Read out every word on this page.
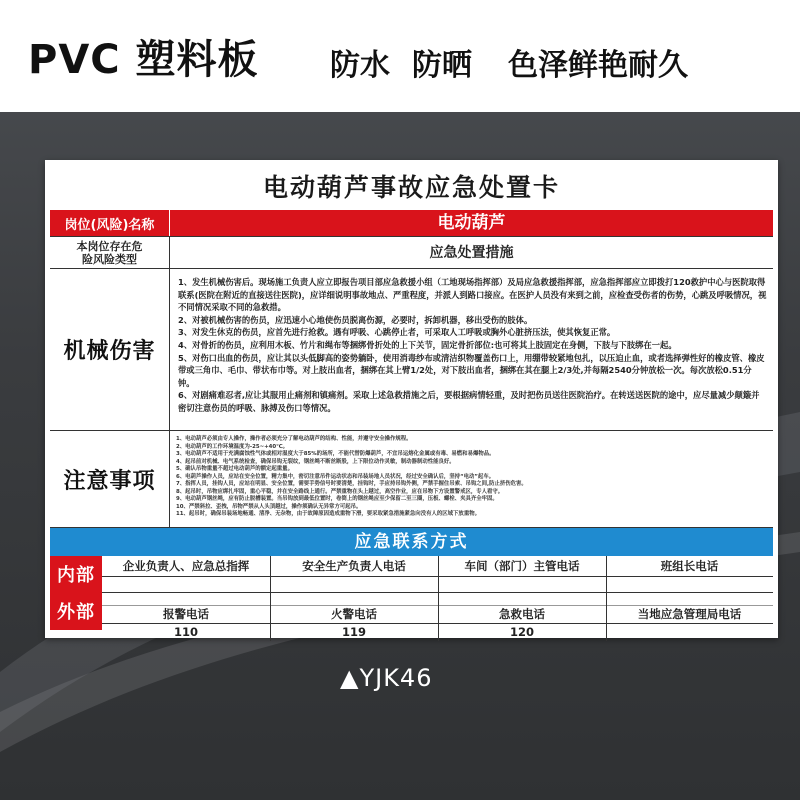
PVC 塑料板 防水 防晒 色泽鲜艳耐久
电动葫芦事故应急处置卡
岗位(风险)名称	电动葫芦
本岗位存在危险风险类型	应急处置措施
机械伤害

1、发生机械伤害后。现场施工负责人应立即报告项目部应急救援小组（工地现场指挥部）及局应急救援指挥部，应急指挥部应立即拨打120救护中心与医院取得联系(医院在附近的直接送往医院)，应详细说明事故地点、严重程度，并派人到路口接应。在医护人员没有来到之前，应检查受伤者的伤势，心跳及呼吸情况，视不同情况采取不同的急救措。

2、对被机械伤害的伤员，应迅速小心地使伤员脱离伤源，必要时，拆卸机器，移出受伤的肢体。

3、对发生休克的伤员，应首先进行抢救。遇有呼吸、心跳停止者，可采取人工呼吸或胸外心脏挤压法，使其恢复正常。

4、对骨折的伤员，应利用木板、竹片和绳布等捆绑骨折处的上下关节，固定骨折部位:也可将其上肢固定在身侧，下肢与下肢绑在一起。

5、对伤口出血的伤员，应让其以头低脚高的姿势躺卧，使用消毒纱布或清洁织物覆盖伤口上，用绷带较紧地包扎，以压迫止血，或者选择弹性好的橡皮管、橡皮带或三角巾、毛巾、带状布巾等。对上肢出血者，捆绑在其上臂1/2处，对下肢出血者，捆绑在其在腿上2/3处,并每隔2540分钟放松一次。每次放松0.51分钟。

6、对剧痛难忍者,应让其服用止痛剂和镇痛剂。采取上述急救措施之后，要根据病情轻重，及时把伤员送往医院治疗。在转送送医院的途中，应尽量减少颠簸并密切注意伤员的呼吸、脉搏及伤口等情况。

注意事项

1、电动葫芦必须由专人操作，操作者必须充分了解电动葫芦的结构、性能，并遵守安全操作规程。

2、电动葫芦的工作环境温度为-25~+40℃。

3、电动葫芦不适用于充满腐蚀性气体或相对湿度大于85%的场所，不能代替防爆葫芦，不宜吊运熔化金属或有毒、易燃和易爆物品。

4、起吊前对机械、电气系统检查，确保吊钩无裂纹，钢丝绳不断丝断股，上下限位动作灵敏，制动器制动性能良好。

5、确认吊物重量不超过电动葫芦的额定起重量。

6、电葫芦操作人员，应站在安全位置，精力集中，密切注意吊件运动状态和吊装场地人员状况，经过安全确认后，坚持“电动”起车。

7、指挥人员，挂钩人员，应站在明显、安全位置，需要手势信号时要清楚，挂钩时，手应持吊钩外侧，严禁手握住吊索、吊钩之间,防止挤伤危害。

8、起吊时，吊物应绑扎牢固，重心平稳，并在安全路线上通行。严禁重物在头上越过，高空作业，应在吊物下方设置警戒区，专人看守。

9、电动葫芦钢丝绳，应有防止脱槽装置。当吊钩放到最低位置时，卷筒上的钢丝绳应至少保留二至三圈，压板、螺栓、夹具齐全牢固。

10、严禁斜拉、歪拽，吊物严禁从人头顶越过，操作须确认无异常方可起吊。

11、起吊时，确保吊装场地畅通、清净、无杂物，由于故障原因造成重物下滑，要采取紧急措施紧急向没有人的区域下放重物。

应急联系方式
内部
外部
企业负责人、应急总指挥	安全生产负责人电话	车间（部门）主管电话	班组长电话
报警电话	火警电话	急救电话	当地应急管理局电话
110	119	120
▲YJK46
